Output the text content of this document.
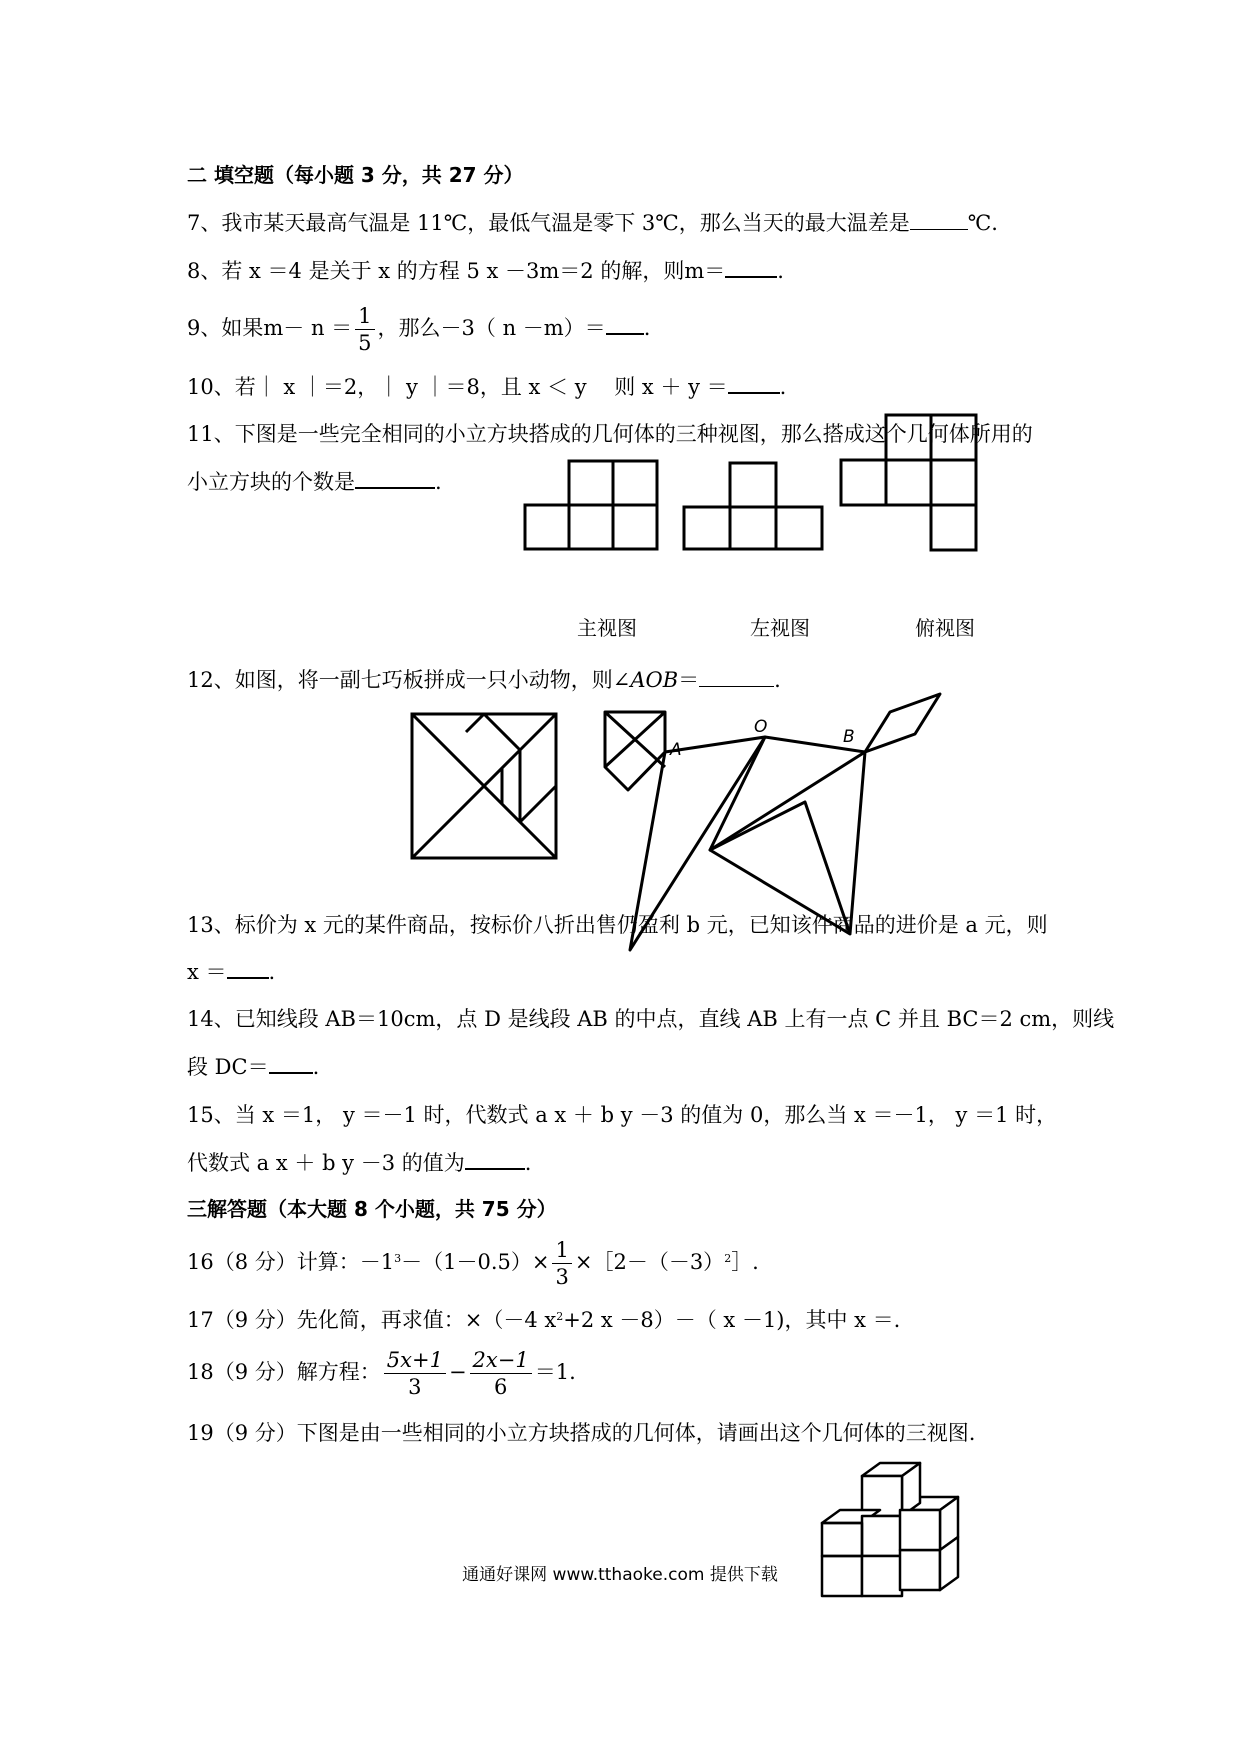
二 填空题（每小题 3 分，共 27 分）
7、我市某天最高气温是 11℃，最低气温是零下 3℃，那么当天的最大温差是	℃.
8、若 x ＝4 是关于 x 的方程 5 x －3m＝2 的解，则m＝ .
9、如果$m- n = \frac{1}{5}$ ，那么－3（ n －m）＝ .
10、若｜ x ｜＝2，｜ y ｜＝8，且 x ＜ y　 则 x ＋ y ＝ .
11、下图是一些完全相同的小立方块搭成的几何体的三种视图，那么搭成这个几何体所用的
小立方块的个数是	.
主视图	左视图	俯视图
12、如图，将一副七巧板拼成一只小动物，则∠AOB＝	.
A
O	B
13、标价为 x 元的某件商品，按标价八折出售仍盈利 b 元，已知该件商品的进价是 a 元，则
x ＝ .
14、已知线段 AB＝10cm，点 D 是线段 AB 的中点，直线 AB 上有一点 C 并且 BC＝2 cm，则线
段 DC＝ .
15、当 x ＝1， y ＝－1 时，代数式 a x ＋ b y －3 的值为 0，那么当 x ＝－1， y ＝1 时，
代数式 a x ＋ b y －3 的值为	.
三解答题（本大题 8 个小题，共 75 分）
16（8 分）计算：$-1^3-(1-0.5)\times \frac{1}{3}$ $\times[2-(-3)^2]$.
17（9 分）先化简，再求值：×（－4 $x^2+2$ x －8）－（ x －1)，其中 x ＝.
18（9 分）解方程： $\frac{5x+1}{3} - \frac{2x-1}{6} =1$.
19（9 分）下图是由一些相同的小立方块搭成的几何体，请画出这个几何体的三视图.
通通好课网 www.tthaoke.com 提供下载
